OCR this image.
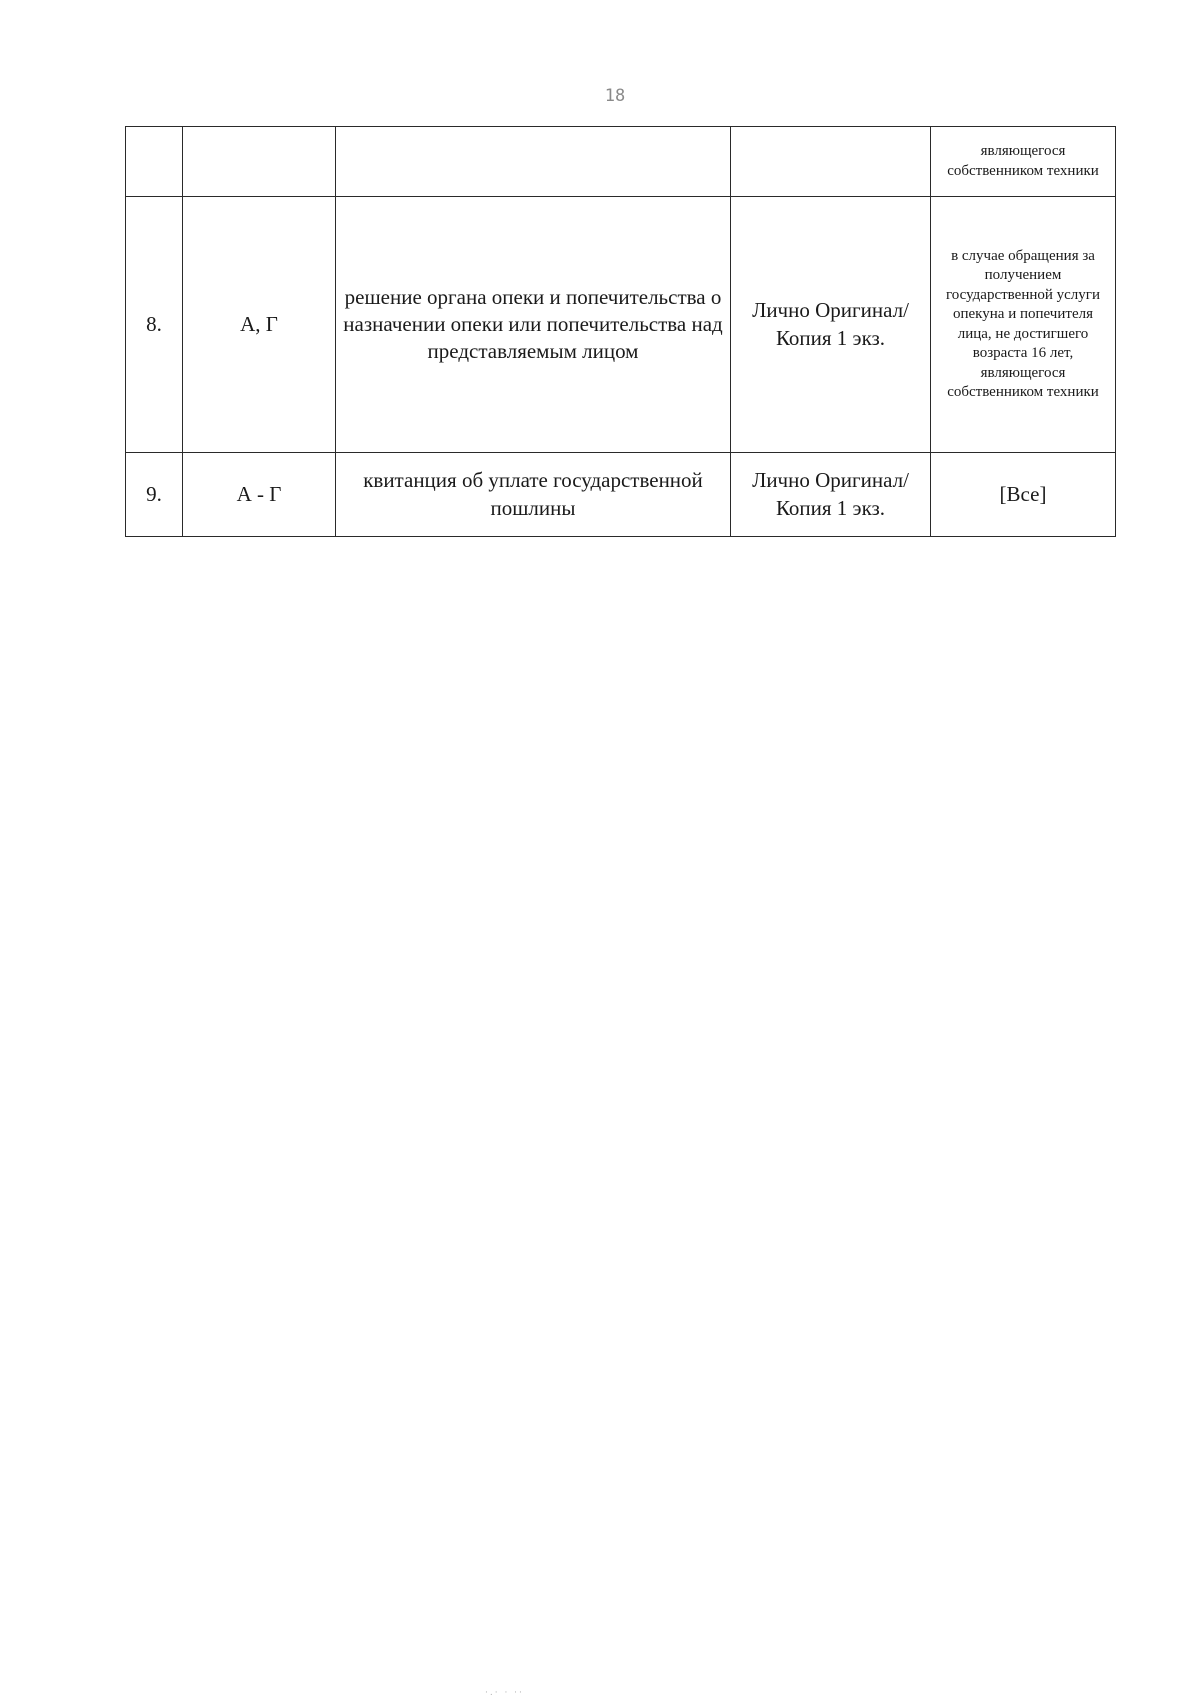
18
				являющегося собственником техники
8.	А, Г	решение органа опеки и попечительства о назначении опеки или попечительства над представляемым лицом	Лично Оригинал/Копия 1 экз.	в случае обращения за получением государственной услуги опекуна и попечителя лица, не достигшего возраста 16 лет, являющегося собственником техники
9.	А - Г	квитанция об уплате государственной пошлины	Лично Оригинал/Копия 1 экз.	[Все]
·.· · ··
